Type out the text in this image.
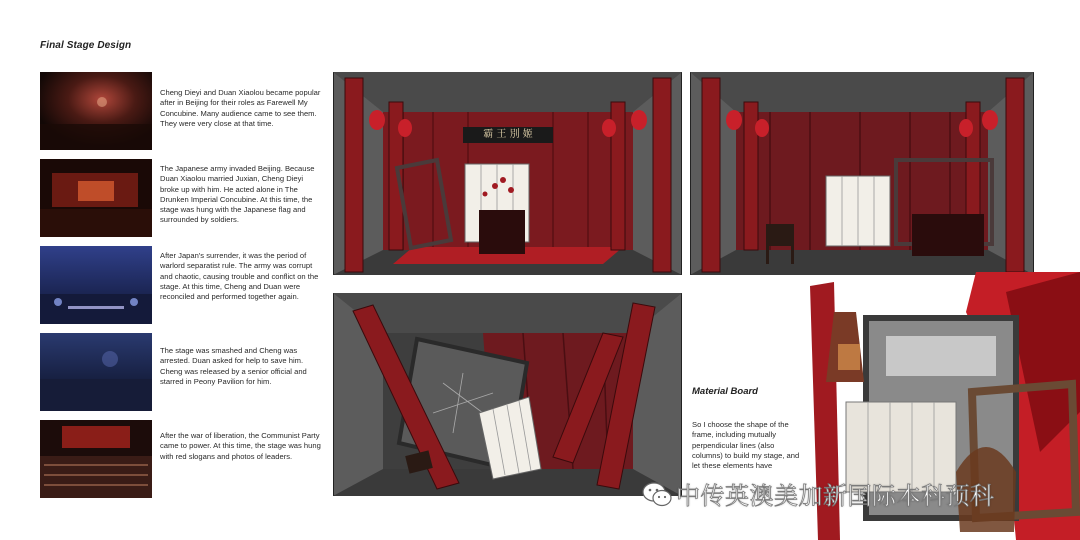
Final Stage Design
Cheng Dieyi and Duan Xiaolou became popular after in Beijing for their roles as Farewell My Concubine. Many audience came to see them. They were very close at that time.
The Japanese army invaded Beijing. Because Duan Xiaolou married Juxian, Cheng Dieyi broke up with him. He acted alone in The Drunken Imperial Concubine. At this time, the stage was hung with the Japanese flag and surrounded by soldiers.
After Japan's surrender, it was the period of warlord separatist rule. The army was corrupt and chaotic, causing trouble and conflict on the stage. At this time, Cheng and Duan were reconciled and performed together again.
The stage was smashed and Cheng was arrested. Duan asked for help to save him. Cheng was released by a senior official and starred in Peony Pavilion for him.
After the war of liberation, the Communist Party came to power. At this time, the stage was hung with red slogans and photos of leaders.
霸 王 別 姬
Material Board
So I choose the shape of the frame, including mutually perpendicular lines (also columns) to build my stage, and let these elements have
中传英澳美加新国际本科预科
